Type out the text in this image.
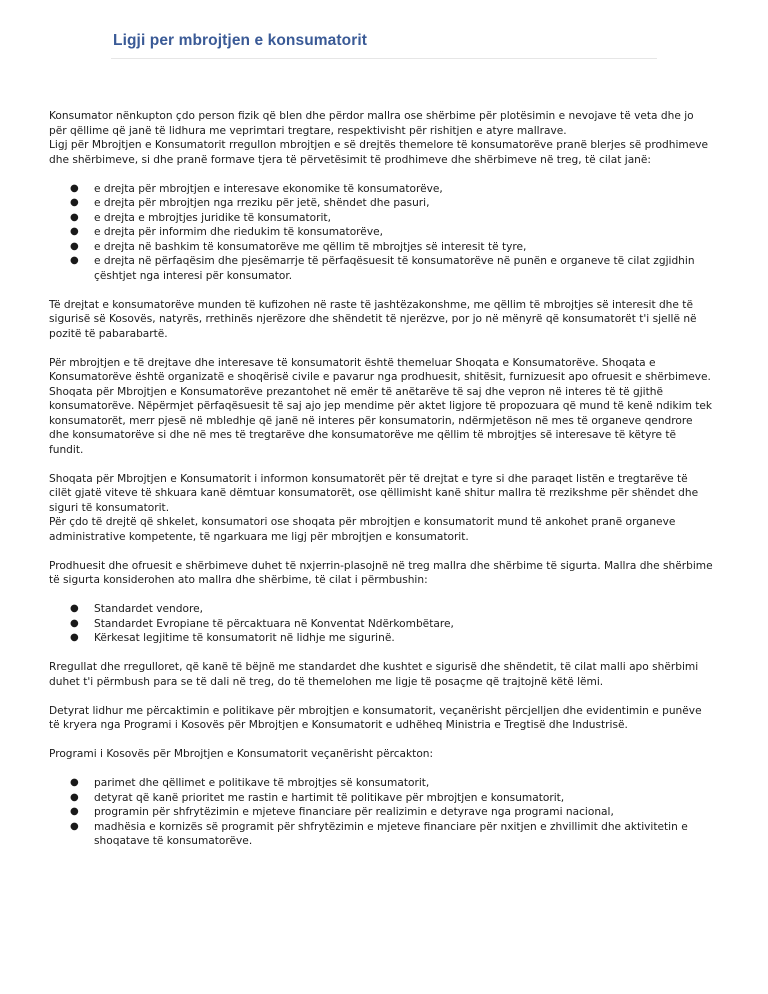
Ligji per mbrojtjen e konsumatorit

Konsumator nënkupton çdo person fizik që blen dhe përdor mallra ose shërbime për plotësimin e nevojave të veta dhe jo për qëllime që janë të lidhura me veprimtari tregtare, respektivisht për rishitjen e atyre mallrave.

Ligj për Mbrojtjen e Konsumatorit rregullon mbrojtjen e së drejtës themelore të konsumatorëve pranë blerjes së prodhimeve dhe shërbimeve, si dhe pranë formave tjera të përvetësimit të prodhimeve dhe shërbimeve në treg, të cilat janë:

● e drejta për mbrojtjen e interesave ekonomike të konsumatorëve,
● e drejta për mbrojtjen nga rreziku për jetë, shëndet dhe pasuri,
● e drejta e mbrojtjes juridike të konsumatorit,
● e drejta për informim dhe riedukim të konsumatorëve,
● e drejta në bashkim të konsumatorëve me qëllim të mbrojtjes së interesit të tyre,
● e drejta në përfaqësim dhe pjesëmarrje të përfaqësuesit të konsumatorëve në punën e organeve të cilat zgjidhin çështjet nga interesi për konsumator.

Të drejtat e konsumatorëve munden të kufizohen në raste të jashtëzakonshme, me qëllim të mbrojtjes së interesit dhe të sigurisë së Kosovës, natyrës, rrethinës njerëzore dhe shëndetit të njerëzve, por jo në mënyrë që konsumatorët t'i sjellë në pozitë të pabarabartë.

Për mbrojtjen e të drejtave dhe interesave të konsumatorit është themeluar Shoqata e Konsumatorëve. Shoqata e Konsumatorëve është organizatë e shoqërisë civile e pavarur nga prodhuesit, shitësit, furnizuesit apo ofruesit e shërbimeve. Shoqata për Mbrojtjen e Konsumatorëve prezantohet në emër të anëtarëve të saj dhe vepron në interes të të gjithë konsumatorëve. Nëpërmjet përfaqësuesit të saj ajo jep mendime për aktet ligjore të propozuara që mund të kenë ndikim tek konsumatorët, merr pjesë në mbledhje që janë në interes për konsumatorin, ndërmjetëson në mes të organeve qendrore dhe konsumatorëve si dhe në mes të tregtarëve dhe konsumatorëve me qëllim të mbrojtjes së interesave të këtyre të fundit.

Shoqata për Mbrojtjen e Konsumatorit i informon konsumatorët për të drejtat e tyre si dhe paraqet listën e tregtarëve të cilët gjatë viteve të shkuara kanë dëmtuar konsumatorët, ose qëllimisht kanë shitur mallra të rrezikshme për shëndet dhe siguri të konsumatorit.

Për çdo të drejtë që shkelet, konsumatori ose shoqata për mbrojtjen e konsumatorit mund të ankohet pranë organeve administrative kompetente, të ngarkuara me ligj për mbrojtjen e konsumatorit.

Prodhuesit dhe ofruesit e shërbimeve duhet të nxjerrin-plasojnë në treg mallra dhe shërbime të sigurta. Mallra dhe shërbime të sigurta konsiderohen ato mallra dhe shërbime, të cilat i përmbushin:

● Standardet vendore,
● Standardet Evropiane të përcaktuara në Konventat Ndërkombëtare,
● Kërkesat legjitime të konsumatorit në lidhje me sigurinë.

Rregullat dhe rregulloret, që kanë të bëjnë me standardet dhe kushtet e sigurisë dhe shëndetit, të cilat malli apo shërbimi duhet t'i përmbush para se të dali në treg, do të themelohen me ligje të posaçme që trajtojnë këtë lëmi.

Detyrat lidhur me përcaktimin e politikave për mbrojtjen e konsumatorit, veçanërisht përcjelljen dhe evidentimin e punëve të kryera nga Programi i Kosovës për Mbrojtjen e Konsumatorit e udhëheq Ministria e Tregtisë dhe Industrisë.

Programi i Kosovës për Mbrojtjen e Konsumatorit veçanërisht përcakton:

● parimet dhe qëllimet e politikave të mbrojtjes së konsumatorit,
● detyrat që kanë prioritet me rastin e hartimit të politikave për mbrojtjen e konsumatorit,
● programin për shfrytëzimin e mjeteve financiare për realizimin e detyrave nga programi nacional,
● madhësia e kornizës së programit për shfrytëzimin e mjeteve financiare për nxitjen e zhvillimit dhe aktivitetin e shoqatave të konsumatorëve.
